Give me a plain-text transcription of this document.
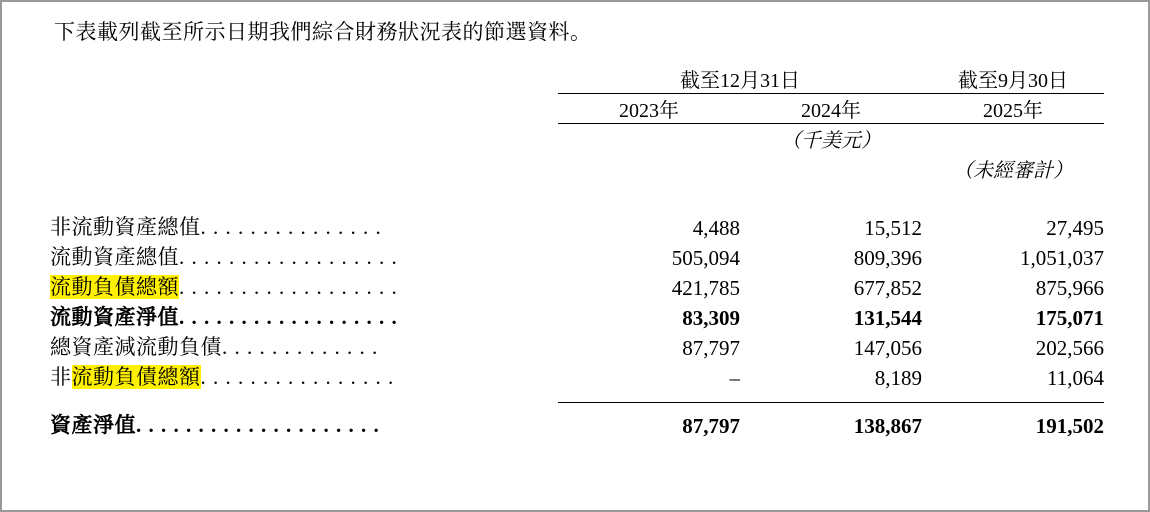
下表載列截至所示日期我們綜合財務狀況表的節選資料。
	截至12月31日		截至9月30日
	2023年	2024年	2025年
		（千美元）	
			（未經審計）

非流動資產總值. . . . . . . . . . . . . . .	4,488	15,512	27,495
流動資產總值. . . . . . . . . . . . . . . . . .	505,094	809,396	1,051,037
流動負債總額. . . . . . . . . . . . . . . . . .	421,785	677,852	875,966
流動資產淨值. . . . . . . . . . . . . . . . . .	83,309	131,544	175,071
總資產減流動負債. . . . . . . . . . . . .	87,797	147,056	202,566
非流動負債總額. . . . . . . . . . . . . . . .	–	8,189	11,064

資產淨值. . . . . . . . . . . . . . . . . . . .	87,797	138,867	191,502
